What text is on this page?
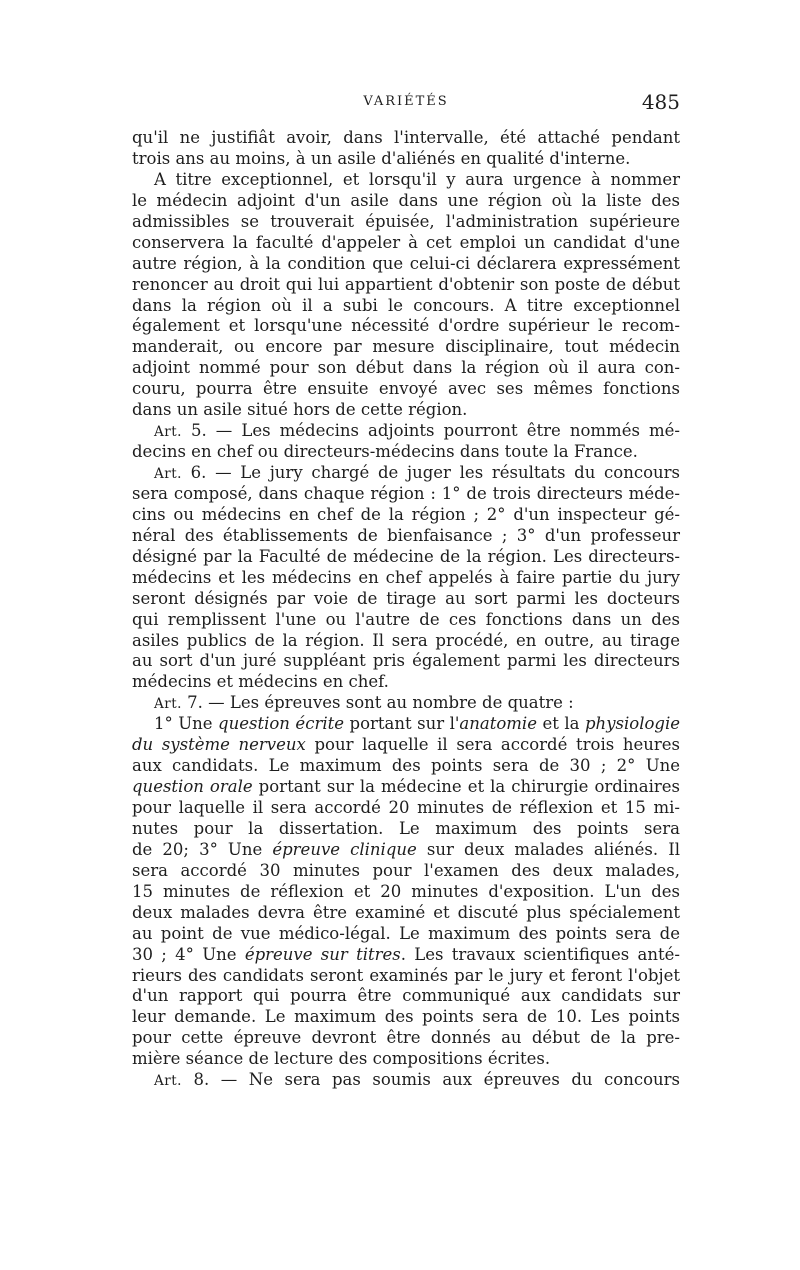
VARIÉTÉS	485
qu'il ne justifiât avoir, dans l'intervalle, été attaché pendant
trois ans au moins, à un asile d'aliénés en qualité d'interne.
A titre exceptionnel, et lorsqu'il y aura urgence à nommer
le médecin adjoint d'un asile dans une région où la liste des
admissibles se trouverait épuisée, l'administration supérieure
conservera la faculté d'appeler à cet emploi un candidat d'une
autre région, à la condition que celui-ci déclarera expressément
renoncer au droit qui lui appartient d'obtenir son poste de début
dans la région où il a subi le concours. A titre exceptionnel
également et lorsqu'une nécessité d'ordre supérieur le recom-
manderait, ou encore par mesure disciplinaire, tout médecin
adjoint nommé pour son début dans la région où il aura con-
couru, pourra être ensuite envoyé avec ses mêmes fonctions
dans un asile situé hors de cette région.
Art. 5. — Les médecins adjoints pourront être nommés mé-
decins en chef ou directeurs-médecins dans toute la France.
Art. 6. — Le jury chargé de juger les résultats du concours
sera composé, dans chaque région : 1° de trois directeurs méde-
cins ou médecins en chef de la région ; 2° d'un inspecteur gé-
néral des établissements de bienfaisance ; 3° d'un professeur
désigné par la Faculté de médecine de la région. Les directeurs-
médecins et les médecins en chef appelés à faire partie du jury
seront désignés par voie de tirage au sort parmi les docteurs
qui remplissent l'une ou l'autre de ces fonctions dans un des
asiles publics de la région. Il sera procédé, en outre, au tirage
au sort d'un juré suppléant pris également parmi les directeurs
médecins et médecins en chef.
Art. 7. — Les épreuves sont au nombre de quatre :
1° Une question écrite portant sur l'anatomie et la physiologie
du système nerveux pour laquelle il sera accordé trois heures
aux candidats. Le maximum des points sera de 30 ; 2° Une
question orale portant sur la médecine et la chirurgie ordinaires
pour laquelle il sera accordé 20 minutes de réflexion et 15 mi-
nutes pour la dissertation. Le maximum des points sera
de 20; 3° Une épreuve clinique sur deux malades aliénés. Il
sera accordé 30 minutes pour l'examen des deux malades,
15 minutes de réflexion et 20 minutes d'exposition. L'un des
deux malades devra être examiné et discuté plus spécialement
au point de vue médico-légal. Le maximum des points sera de
30 ; 4° Une épreuve sur titres. Les travaux scientifiques anté-
rieurs des candidats seront examinés par le jury et feront l'objet
d'un rapport qui pourra être communiqué aux candidats sur
leur demande. Le maximum des points sera de 10. Les points
pour cette épreuve devront être donnés au début de la pre-
mière séance de lecture des compositions écrites.
Art. 8. — Ne sera pas soumis aux épreuves du concours
